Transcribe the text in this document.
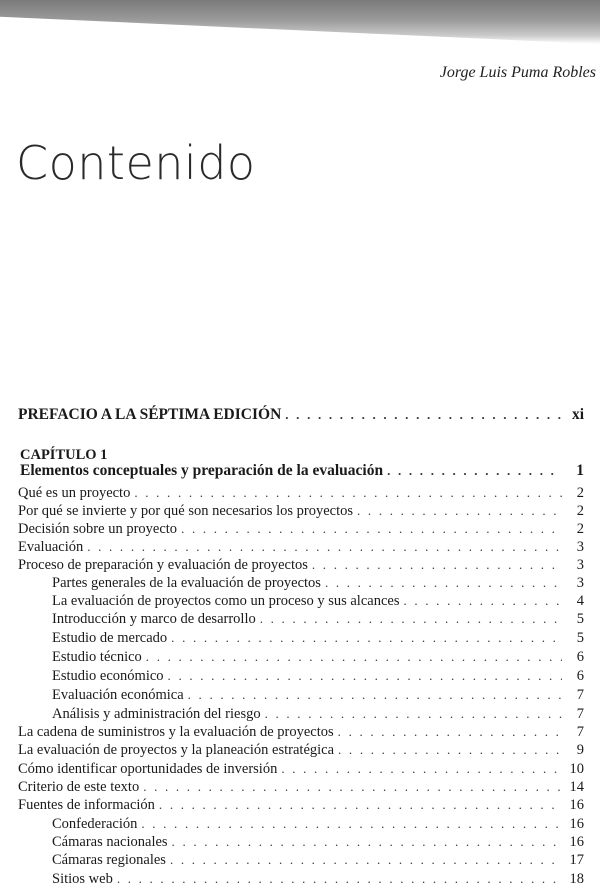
Jorge Luis Puma Robles
Contenido
PREFACIO A LA SÉPTIMA EDICIÓN . . .	xi
CAPÍTULO 1
Elementos conceptuales y preparación de la evaluación . . .	1
Qué es un proyecto . . .	2
Por qué se invierte y por qué son necesarios los proyectos . . .	2
Decisión sobre un proyecto . . .	2
Evaluación . . .	3
Proceso de preparación y evaluación de proyectos . . .	3
Partes generales de la evaluación de proyectos . . .	3
La evaluación de proyectos como un proceso y sus alcances . . .	4
Introducción y marco de desarrollo . . .	5
Estudio de mercado . . .	5
Estudio técnico . . .	6
Estudio económico . . .	6
Evaluación económica . . .	7
Análisis y administración del riesgo . . .	7
La cadena de suministros y la evaluación de proyectos . . .	7
La evaluación de proyectos y la planeación estratégica . . .	9
Cómo identificar oportunidades de inversión . . .	10
Criterio de este texto . . .	14
Fuentes de información . . .	16
Confederación . . .	16
Cámaras nacionales . . .	16
Cámaras regionales . . .	17
Sitios web . . .	18
